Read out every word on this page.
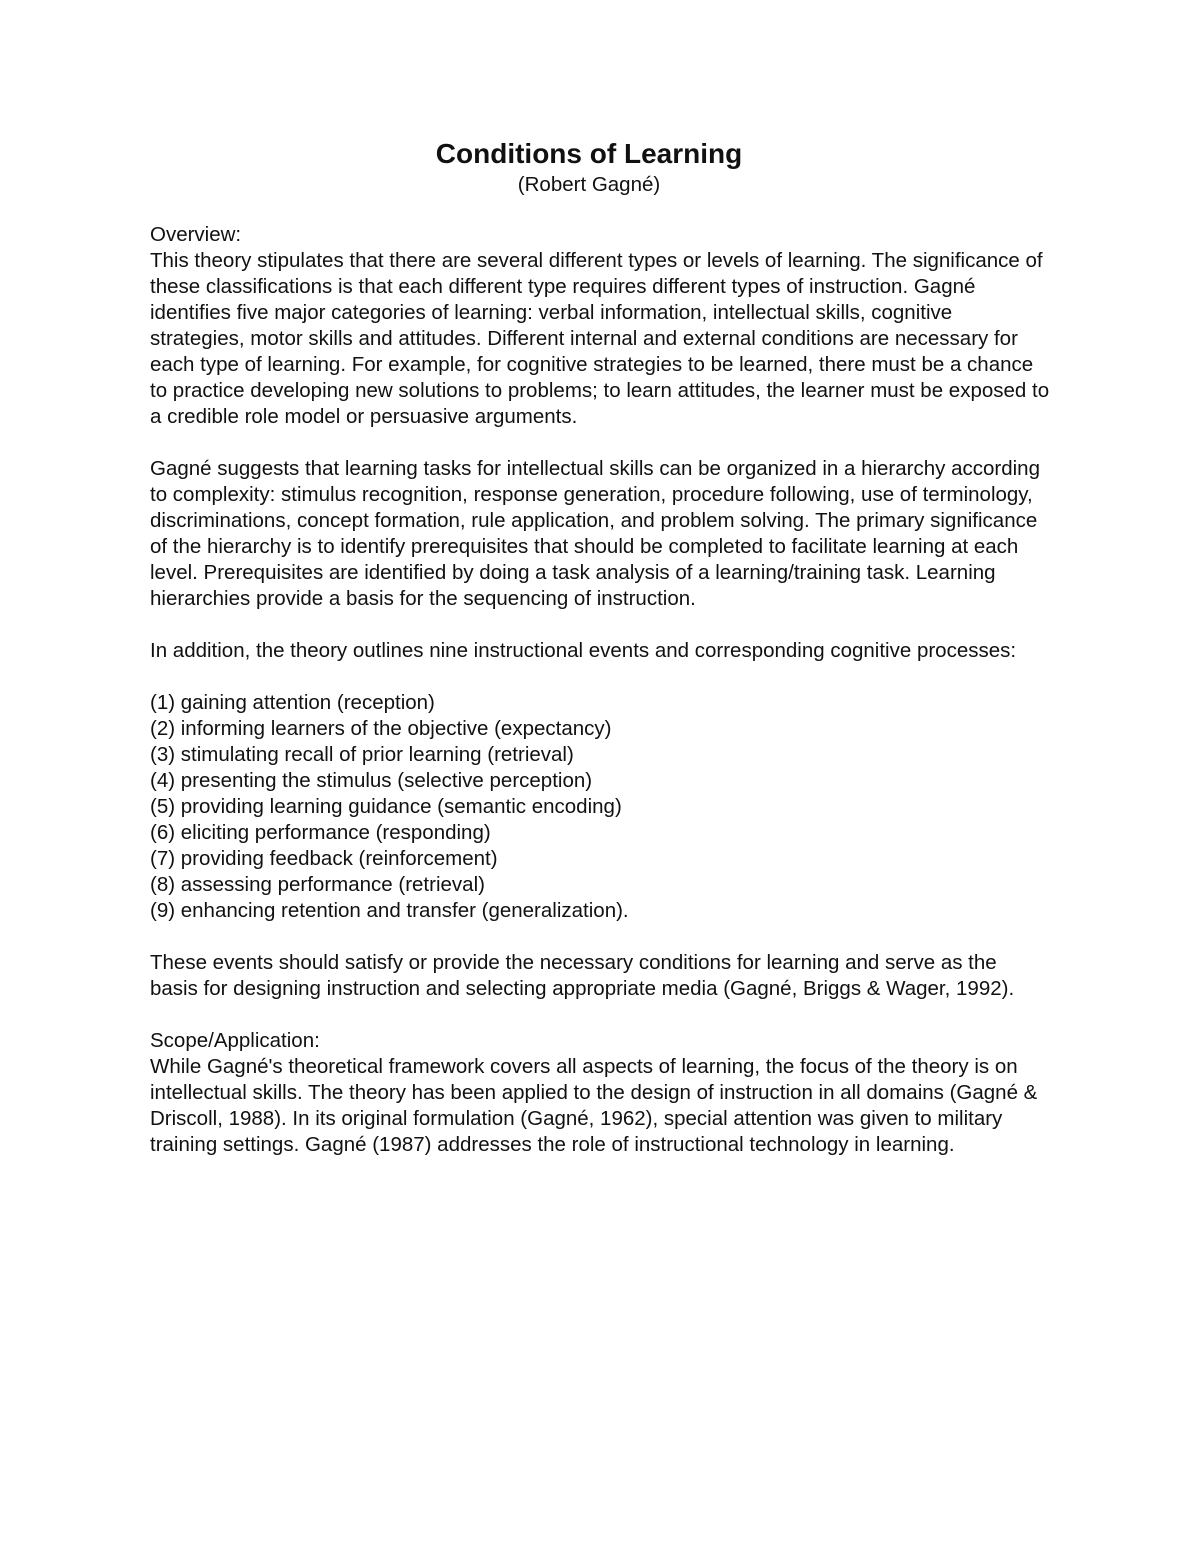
Conditions of Learning

(Robert Gagné)

Overview:

This theory stipulates that there are several different types or levels of learning. The significance of these classifications is that each different type requires different types of instruction. Gagné identifies five major categories of learning: verbal information, intellectual skills, cognitive strategies, motor skills and attitudes. Different internal and external conditions are necessary for each type of learning. For example, for cognitive strategies to be learned, there must be a chance to practice developing new solutions to problems; to learn attitudes, the learner must be exposed to a credible role model or persuasive arguments.

Gagné suggests that learning tasks for intellectual skills can be organized in a hierarchy according to complexity: stimulus recognition, response generation, procedure following, use of terminology, discriminations, concept formation, rule application, and problem solving. The primary significance of the hierarchy is to identify prerequisites that should be completed to facilitate learning at each level. Prerequisites are identified by doing a task analysis of a learning/training task. Learning hierarchies provide a basis for the sequencing of instruction.

In addition, the theory outlines nine instructional events and corresponding cognitive processes:

(1) gaining attention (reception)
(2) informing learners of the objective (expectancy)
(3) stimulating recall of prior learning (retrieval)
(4) presenting the stimulus (selective perception)
(5) providing learning guidance (semantic encoding)
(6) eliciting performance (responding)
(7) providing feedback (reinforcement)
(8) assessing performance (retrieval)
(9) enhancing retention and transfer (generalization).

These events should satisfy or provide the necessary conditions for learning and serve as the basis for designing instruction and selecting appropriate media (Gagné, Briggs & Wager, 1992).

Scope/Application:

While Gagné's theoretical framework covers all aspects of learning, the focus of the theory is on intellectual skills. The theory has been applied to the design of instruction in all domains (Gagné & Driscoll, 1988). In its original formulation (Gagné, 1962), special attention was given to military training settings. Gagné (1987) addresses the role of instructional technology in learning.
